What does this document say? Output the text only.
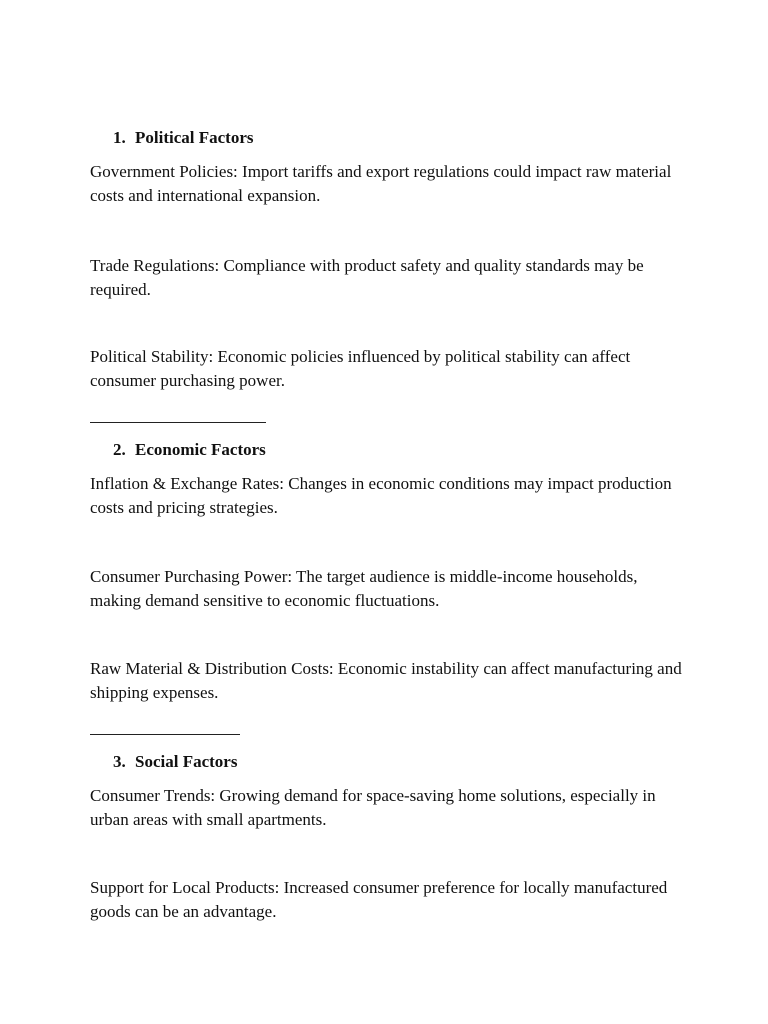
1. Political Factors
Government Policies: Import tariffs and export regulations could impact raw material costs and international expansion.
Trade Regulations: Compliance with product safety and quality standards may be required.
Political Stability: Economic policies influenced by political stability can affect consumer purchasing power.
2. Economic Factors
Inflation & Exchange Rates: Changes in economic conditions may impact production costs and pricing strategies.
Consumer Purchasing Power: The target audience is middle-income households, making demand sensitive to economic fluctuations.
Raw Material & Distribution Costs: Economic instability can affect manufacturing and shipping expenses.
3. Social Factors
Consumer Trends: Growing demand for space-saving home solutions, especially in urban areas with small apartments.
Support for Local Products: Increased consumer preference for locally manufactured goods can be an advantage.
